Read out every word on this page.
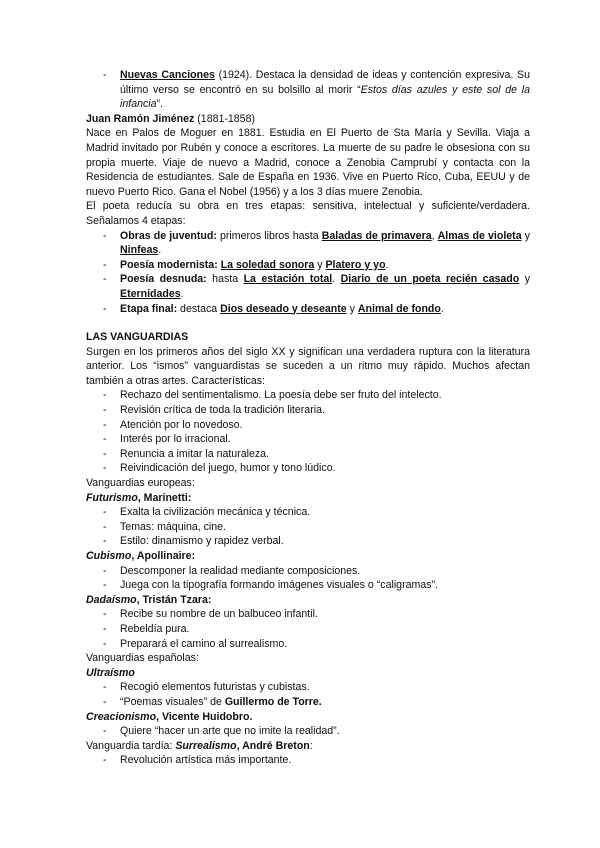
- Nuevas Canciones (1924). Destaca la densidad de ideas y contención expresiva. Su último verso se encontró en su bolsillo al morir “Estos días azules y este sol de la infancia”.

Juan Ramón Jiménez (1881-1858)

Nace en Palos de Moguer en 1881. Estudia en El Puerto de Sta María y Sevilla. Viaja a Madrid invitado por Rubén y conoce a escritores. La muerte de su padre le obsesiona con su propia muerte. Viaje de nuevo a Madrid, conoce a Zenobia Camprubí y contacta con la Residencia de estudiantes. Sale de España en 1936. Vive en Puerto Rico, Cuba, EEUU y de nuevo Puerto Rico. Gana el Nobel (1956) y a los 3 días muere Zenobia.

El poeta reducía su obra en tres etapas: sensitiva, intelectual y suficiente/verdadera. Señalamos 4 etapas:

- Obras de juventud: primeros libros hasta Baladas de primavera, Almas de violeta y Ninfeas.
- Poesía modernista: La soledad sonora y Platero y yo.
- Poesía desnuda: hasta La estación total. Diario de un poeta recién casado y Eternidades.
- Etapa final: destaca Dios deseado y deseante y Animal de fondo.

LAS VANGUARDIAS

Surgen en los primeros años del siglo XX y significan una verdadera ruptura con la literatura anterior. Los “ismos” vanguardistas se suceden a un ritmo muy rápido. Muchos afectan también a otras artes. Características:

- Rechazo del sentimentalismo. La poesía debe ser fruto del intelecto.
- Revisión crítica de toda la tradición literaria.
- Atención por lo novedoso.
- Interés por lo irracional.
- Renuncia a imitar la naturaleza.
- Reivindicación del juego, humor y tono lúdico.

Vanguardias europeas:

Futurismo, Marinetti:

- Exalta la civilización mecánica y técnica.
- Temas: máquina, cine.
- Estilo: dinamismo y rapidez verbal.

Cubismo, Apollinaire:

- Descomponer la realidad mediante composiciones.
- Juega con la tipografía formando imágenes visuales o “caligramas”.

Dadaísmo, Tristán Tzara:

- Recibe su nombre de un balbuceo infantil.
- Rebeldía pura.
- Preparará el camino al surrealismo.

Vanguardias españolas:

Ultraísmo

- Recogió elementos futuristas y cubistas.
- “Poemas visuales” de Guillermo de Torre.

Creacionismo, Vicente Huidobro.

- Quiere “hacer un arte que no imite la realidad”.

Vanguardia tardía: Surrealismo, André Breton:

- Revolución artística más importante.
